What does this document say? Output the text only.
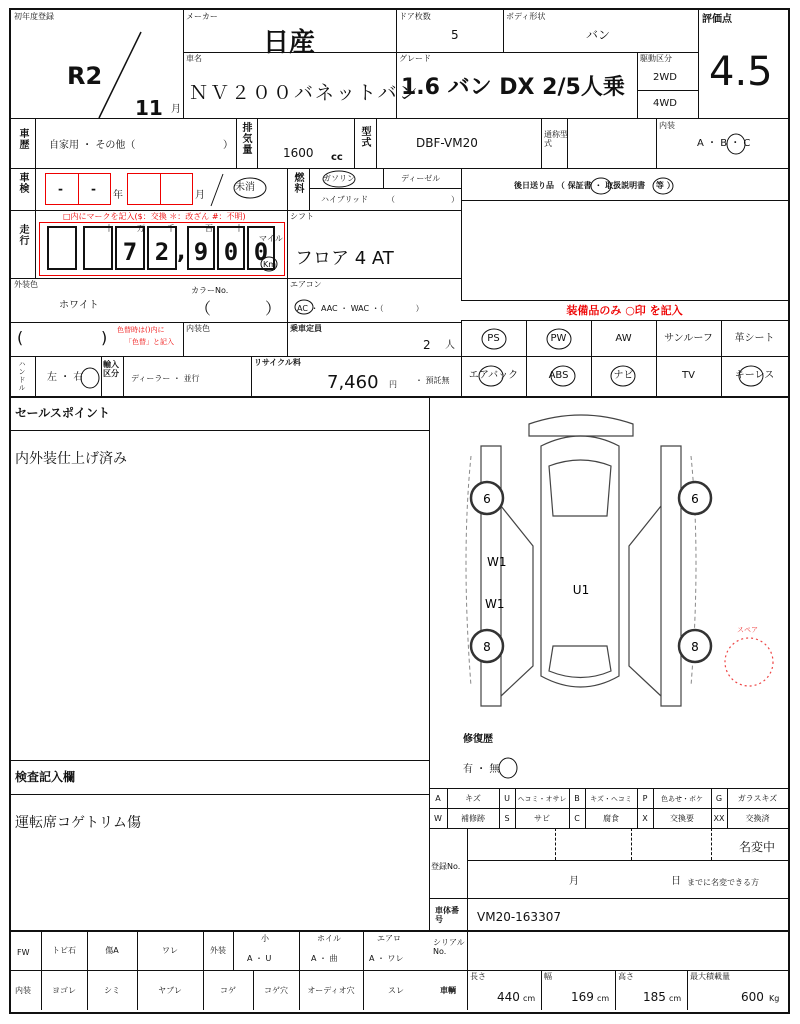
初年度登録
R2
11 月
メーカー
日産
ドア枚数
5
ボディ形状
バン
評価点
4.5
車名
ＮＶ２００バネットバン
グレード
1.6 バン DX 2/5人乗
駆動区分
2WD
4WD
車歴 自家用 ・ その他（	） 排気量	1600 cc
型式	DBF-VM20
通称型式
内装
A ・ B ・ C
車検	- - 年	月
未消	燃料	ガソリン	ディーゼル
ハイブリッド （	）
後日送り品 （ 保証書 ・ 取扱説明書 　等 ）
走行
□内にマークを記入($：交換 ＊：改ざん #：不明)
7 2 , 9 0 0
十	万	千	百	十	一
マイル
Km
シフト
フロア 4 AT
外装色
ホワイト
カラーNo.
（	）
エアコン
AC ・ AAC ・ WAC ・（　　　　）	装備品のみ ○印 を記入
(	) 色替時は()内に
「色替」と記入
内装色	乗車定員
2 人
PS	PW	AW	サンルーフ	革シート
エアバック	ABS	ナビ	TV	キーレス
ハンドル 左 ・ 右
輸入区分
ディーラー ・ 並行
リサイクル料
7,460 円 ・ 預託無
セールスポイント
内外装仕上げ済み
検査記入欄
運転席コゲトリム傷
6	6
W1
W1
U1
8	8
スペア
修復歴
有 ・ 無
A	キズ	U	ヘコミ・オサレ B	キズ・ヘコミ	P	色あせ・ボケ	G	ガラスキズ
W	補修跡	S	サビ	C	腐食	X	交換要	XX	交換済
登録No.
名変中
月	日 までに名変できる方
車体番号	VM20-163307
シリアルNo.
FW	トビ石	傷A	ワレ	外装
小
A ・ U
ホイル
A ・ 曲
エアロ
A ・ ワレ
内装	ヨゴレ	シミ	ヤブレ	コゲ	コゲ穴	オーディオ穴	スレ	車輌
長さ
440 cm
幅
169 cm
高さ
185 cm
最大積載量
600 Kg
